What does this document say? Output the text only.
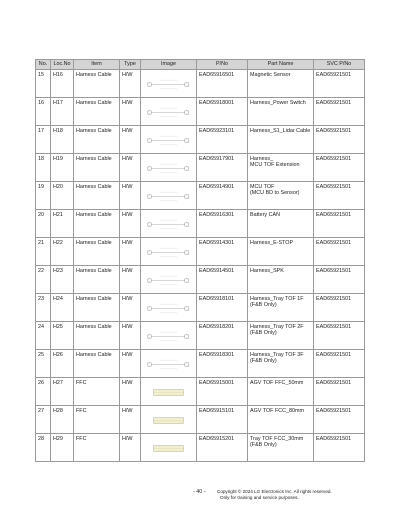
No.	Loc.No	Item	Type	Image	P/No	Part Name	SVC P/No
15	H16	Harness Cable	H/W		EAD65916501	Magnetic Sensor	EAD65921501
16	H17	Harness Cable	H/W		EAD65918001	Harness_Power Switch	EAD65921501
17	H18	Harness Cable	H/W		EAD65923101	Harness_S1_Lidar Cable	EAD65921501
18	H19	Harness Cable	H/W		EAD65917901	Harness_
MCU TOF Extension	EAD65921501
19	H20	Harness Cable	H/W		EAD65914901	MCU TOF
(MCU BD to Sensor)	EAD65921501
20	H21	Harness Cable	H/W		EAD65916301	Battery CAN	EAD65921501
21	H22	Harness Cable	H/W		EAD65914301	Harness_E-STOP	EAD65921501
22	H23	Harness Cable	H/W		EAD65914501	Harness_SPK	EAD65921501
23	H24	Harness Cable	H/W		EAD65918101	Harness_Tray TOF 1F
(F&B Only)	EAD65921501
24	H25	Harness Cable	H/W		EAD65918201	Harness_Tray TOF 2F
(F&B Only)	EAD65921501
25	H26	Harness Cable	H/W		EAD65918301	Harness_Tray TOF 3F
(F&B Only)	EAD65921501
26	H27	FFC	H/W		EAD65915001	AGV TOF FFC_50mm	EAD65921501
27	H28	FFC	H/W		EAD65915101	AGV TOF FCC_80mm	EAD65921501
28	H29	FFC	H/W		EAD65915201	Tray TOF FCC_30mm
(F&B Only)	EAD65921501
- 40 - Copyright © 2024 LG Electronics Inc. All rights reserved.
Only for training and service purposes.
